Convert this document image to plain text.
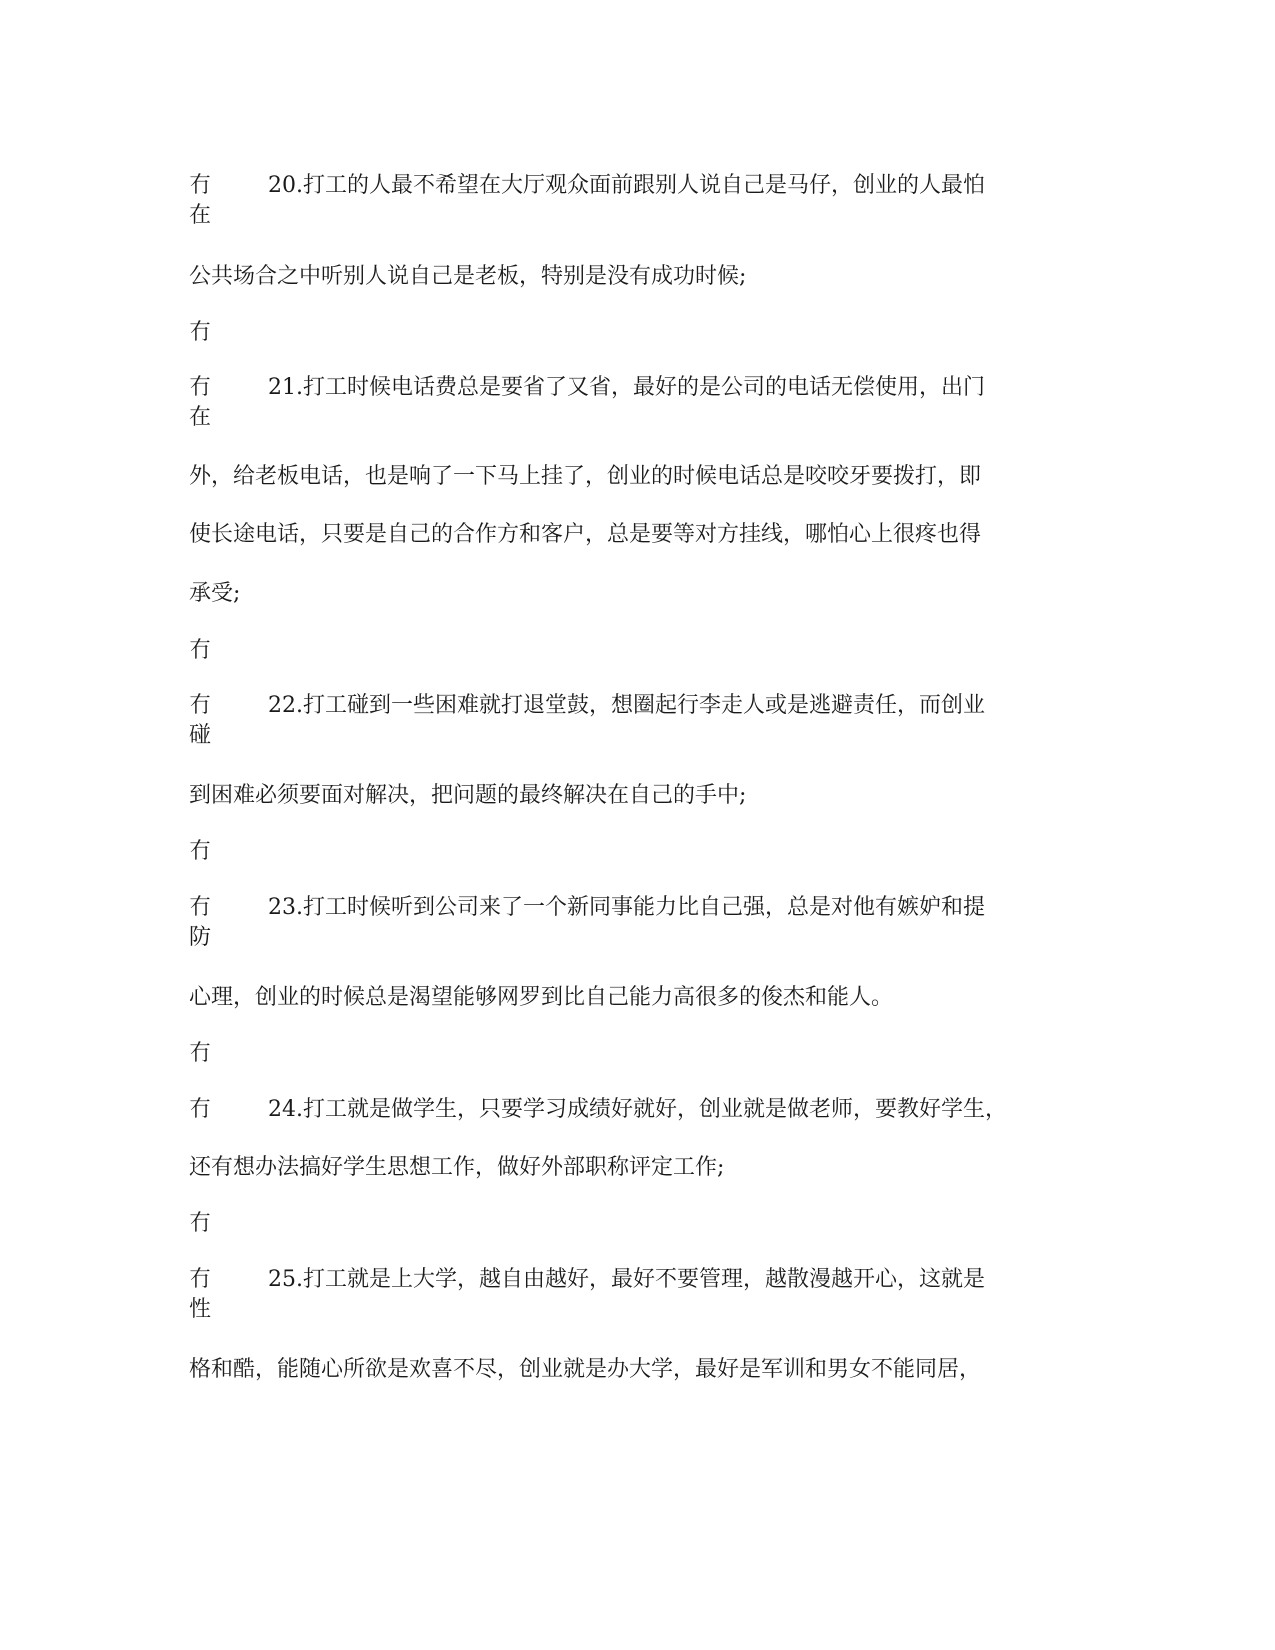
冇
在
20.打工的人最不希望在大厅观众面前跟别人说自己是马仔，创业的人最怕
公共场合之中听别人说自己是老板，特别是没有成功时候;
冇
冇
在
21.打工时候电话费总是要省了又省，最好的是公司的电话无偿使用，出门
外，给老板电话，也是响了一下马上挂了，创业的时候电话总是咬咬牙要拨打，即
使长途电话，只要是自己的合作方和客户，总是要等对方挂线，哪怕心上很疼也得
承受;
冇
冇
碰
22.打工碰到一些困难就打退堂鼓，想圈起行李走人或是逃避责任，而创业
到困难必须要面对解决，把问题的最终解决在自己的手中;
冇
冇
防
23.打工时候听到公司来了一个新同事能力比自己强，总是对他有嫉妒和提
心理，创业的时候总是渴望能够网罗到比自己能力高很多的俊杰和能人。
冇
冇	24.打工就是做学生，只要学习成绩好就好，创业就是做老师，要教好学生，
还有想办法搞好学生思想工作，做好外部职称评定工作;
冇
冇
性
25.打工就是上大学，越自由越好，最好不要管理，越散漫越开心，这就是
格和酷，能随心所欲是欢喜不尽，创业就是办大学，最好是军训和男女不能同居，
